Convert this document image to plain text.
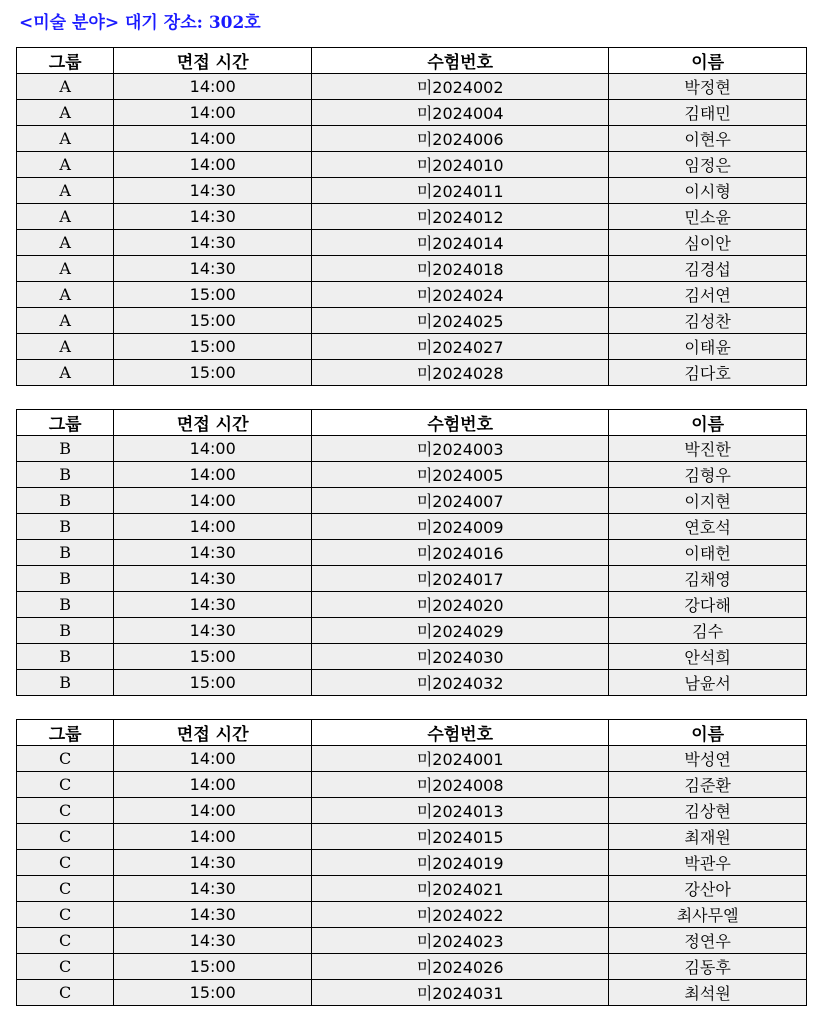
<미술 분야> 대기 장소: 302호
그룹	면접 시간	수험번호	이름
A	14:00	미2024002	박정현
A	14:00	미2024004	김태민
A	14:00	미2024006	이현우
A	14:00	미2024010	임정은
A	14:30	미2024011	이시형
A	14:30	미2024012	민소윤
A	14:30	미2024014	심이안
A	14:30	미2024018	김경섭
A	15:00	미2024024	김서연
A	15:00	미2024025	김성찬
A	15:00	미2024027	이태윤
A	15:00	미2024028	김다호
그룹	면접 시간	수험번호	이름
B	14:00	미2024003	박진한
B	14:00	미2024005	김형우
B	14:00	미2024007	이지현
B	14:00	미2024009	연호석
B	14:30	미2024016	이태헌
B	14:30	미2024017	김채영
B	14:30	미2024020	강다해
B	14:30	미2024029	김수
B	15:00	미2024030	안석희
B	15:00	미2024032	남윤서
그룹	면접 시간	수험번호	이름
C	14:00	미2024001	박성연
C	14:00	미2024008	김준환
C	14:00	미2024013	김상현
C	14:00	미2024015	최재원
C	14:30	미2024019	박관우
C	14:30	미2024021	강산아
C	14:30	미2024022	최사무엘
C	14:30	미2024023	정연우
C	15:00	미2024026	김동후
C	15:00	미2024031	최석원
